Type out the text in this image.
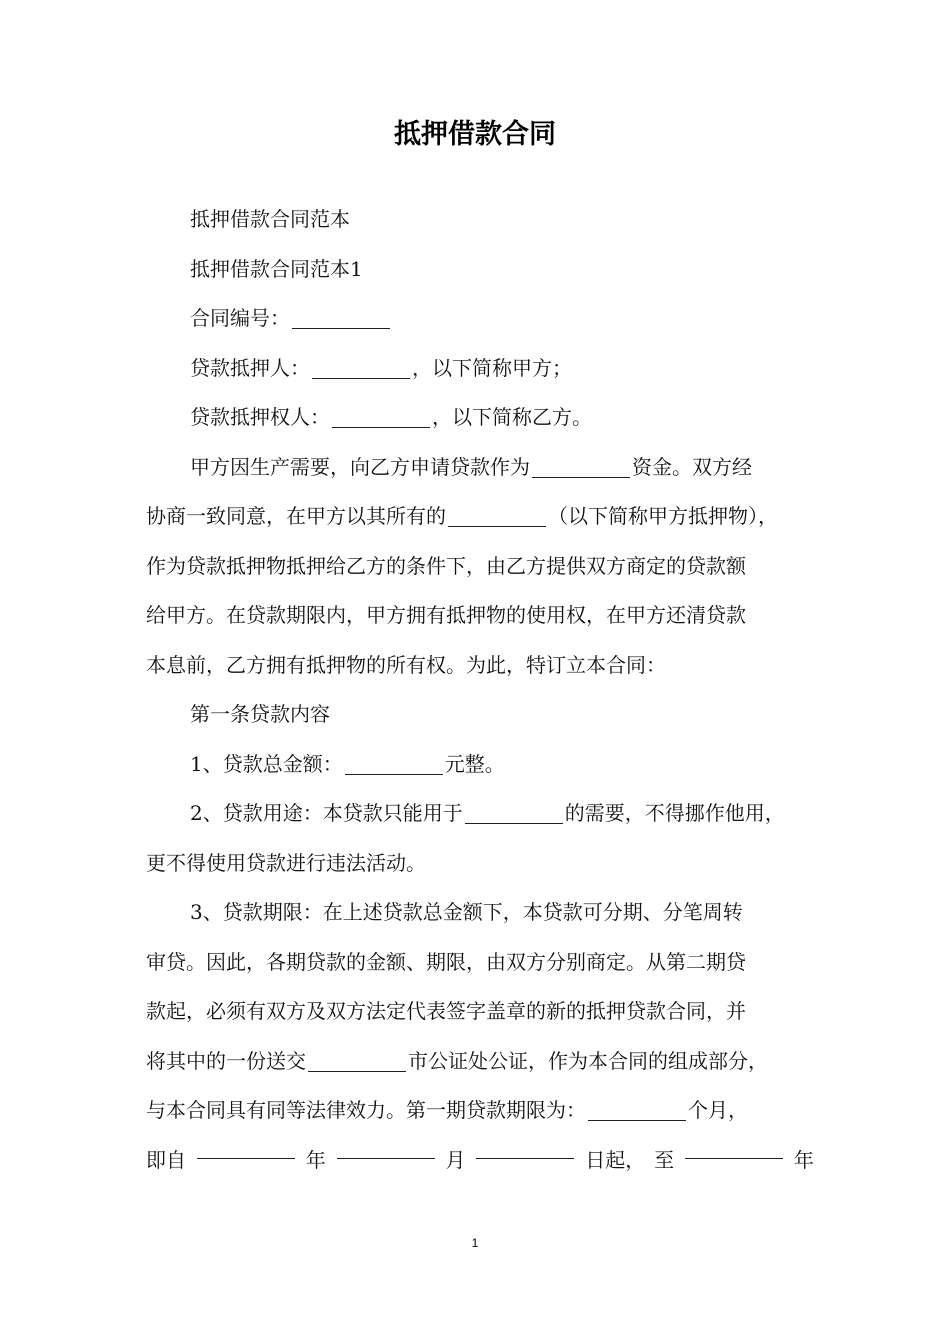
抵押借款合同
抵押借款合同范本
抵押借款合同范本1
合同编号：
贷款抵押人：	，以下简称甲方；
贷款抵押权人：	，以下简称乙方。
甲方因生产需要，向乙方申请贷款作为	资金。双方经
协商一致同意，在甲方以其所有的	（以下简称甲方抵押物），
作为贷款抵押物抵押给乙方的条件下，由乙方提供双方商定的贷款额
给甲方。在贷款期限内，甲方拥有抵押物的使用权，在甲方还清贷款
本息前，乙方拥有抵押物的所有权。为此，特订立本合同：
第一条贷款内容
1、贷款总金额：	元整。
2、贷款用途：本贷款只能用于	的需要，不得挪作他用，
更不得使用贷款进行违法活动。
3、贷款期限：在上述贷款总金额下，本贷款可分期、分笔周转
审贷。因此，各期贷款的金额、期限，由双方分别商定。从第二期贷
款起，必须有双方及双方法定代表签字盖章的新的抵押贷款合同，并
将其中的一份送交	市公证处公证，作为本合同的组成部分，
与本合同具有同等法律效力。第一期贷款期限为：	个月，
即自	年	月	日起， 至	年
1
